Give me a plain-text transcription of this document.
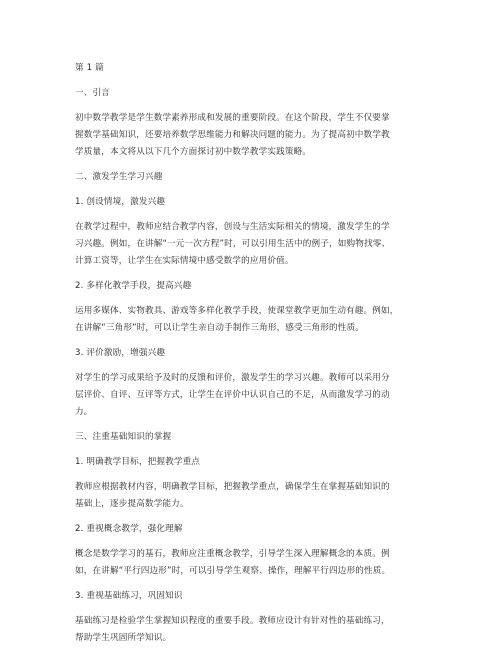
第 1 篇

一、引言

初中数学教学是学生数学素养形成和发展的重要阶段。在这个阶段，学生不仅要掌

握数学基础知识，还要培养数学思维能力和解决问题的能力。为了提高初中数学教

学质量，本文将从以下几个方面探讨初中数学教学实践策略。

二、激发学生学习兴趣

1. 创设情境，激发兴趣

在教学过程中，教师应结合教学内容，创设与生活实际相关的情境，激发学生的学

习兴趣。例如，在讲解“一元一次方程”时，可以引用生活中的例子，如购物找零、

计算工资等，让学生在实际情境中感受数学的应用价值。

2. 多样化教学手段，提高兴趣

运用多媒体、实物教具、游戏等多样化教学手段，使课堂教学更加生动有趣。例如，

在讲解“三角形”时，可以让学生亲自动手制作三角形，感受三角形的性质。

3. 评价激励，增强兴趣

对学生的学习成果给予及时的反馈和评价，激发学生的学习兴趣。教师可以采用分

层评价、自评、互评等方式，让学生在评价中认识自己的不足，从而激发学习的动

力。

三、注重基础知识的掌握

1. 明确教学目标，把握教学重点

教师应根据教材内容，明确教学目标，把握教学重点，确保学生在掌握基础知识的

基础上，逐步提高数学能力。

2. 重视概念教学，强化理解

概念是数学学习的基石，教师应注重概念教学，引导学生深入理解概念的本质。例

如，在讲解“平行四边形”时，可以引导学生观察、操作，理解平行四边形的性质。

3. 重视基础练习，巩固知识

基础练习是检验学生掌握知识程度的重要手段。教师应设计有针对性的基础练习，

帮助学生巩固所学知识。
